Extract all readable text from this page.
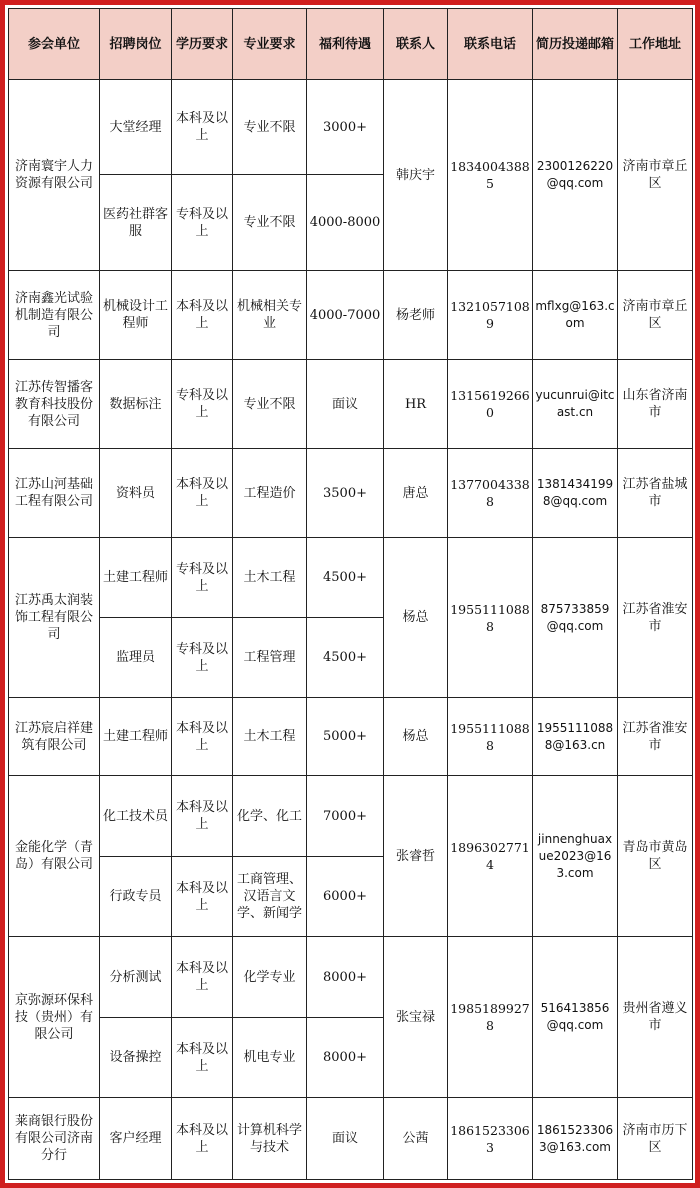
参会单位	招聘岗位	学历要求	专业要求	福利待遇	联系人	联系电话	简历投递邮箱	工作地址
济南寰宇人力资源有限公司	大堂经理	本科及以上	专业不限	3000+	韩庆宇	18340043885	2300126220@qq.com	济南市章丘区
	医药社群客服	专科及以上	专业不限	4000-8000				
济南鑫光试验机制造有限公司	机械设计工程师	本科及以上	机械相关专业	4000-7000	杨老师	13210571089	mflxg@163.com	济南市章丘区
江苏传智播客教育科技股份有限公司	数据标注	专科及以上	专业不限	面议	HR	13156192660	yucunrui@itcast.cn	山东省济南市
江苏山河基础工程有限公司	资料员	本科及以上	工程造价	3500+	唐总	13770043388	13814341998@qq.com	江苏省盐城市
江苏禹太润装饰工程有限公司	土建工程师	专科及以上	土木工程	4500+	杨总	19551110888	875733859@qq.com	江苏省淮安市
	监理员	专科及以上	工程管理	4500+				
江苏宸启祥建筑有限公司	土建工程师	本科及以上	土木工程	5000+	杨总	19551110888	19551110888@163.cn	江苏省淮安市
金能化学（青岛）有限公司	化工技术员	本科及以上	化学、化工	7000+	张睿哲	18963027714	jinnenghuaxue2023@163.com	青岛市黄岛区
	行政专员	本科及以上	工商管理、汉语言文学、新闻学	6000+				
京弥源环保科技（贵州）有限公司	分析测试	本科及以上	化学专业	8000+	张宝禄	19851899278	516413856@qq.com	贵州省遵义市
	设备操控	本科及以上	机电专业	8000+				
莱商银行股份有限公司济南分行	客户经理	本科及以上	计算机科学与技术	面议	公茜	18615233063	18615233063@163.com	济南市历下区
